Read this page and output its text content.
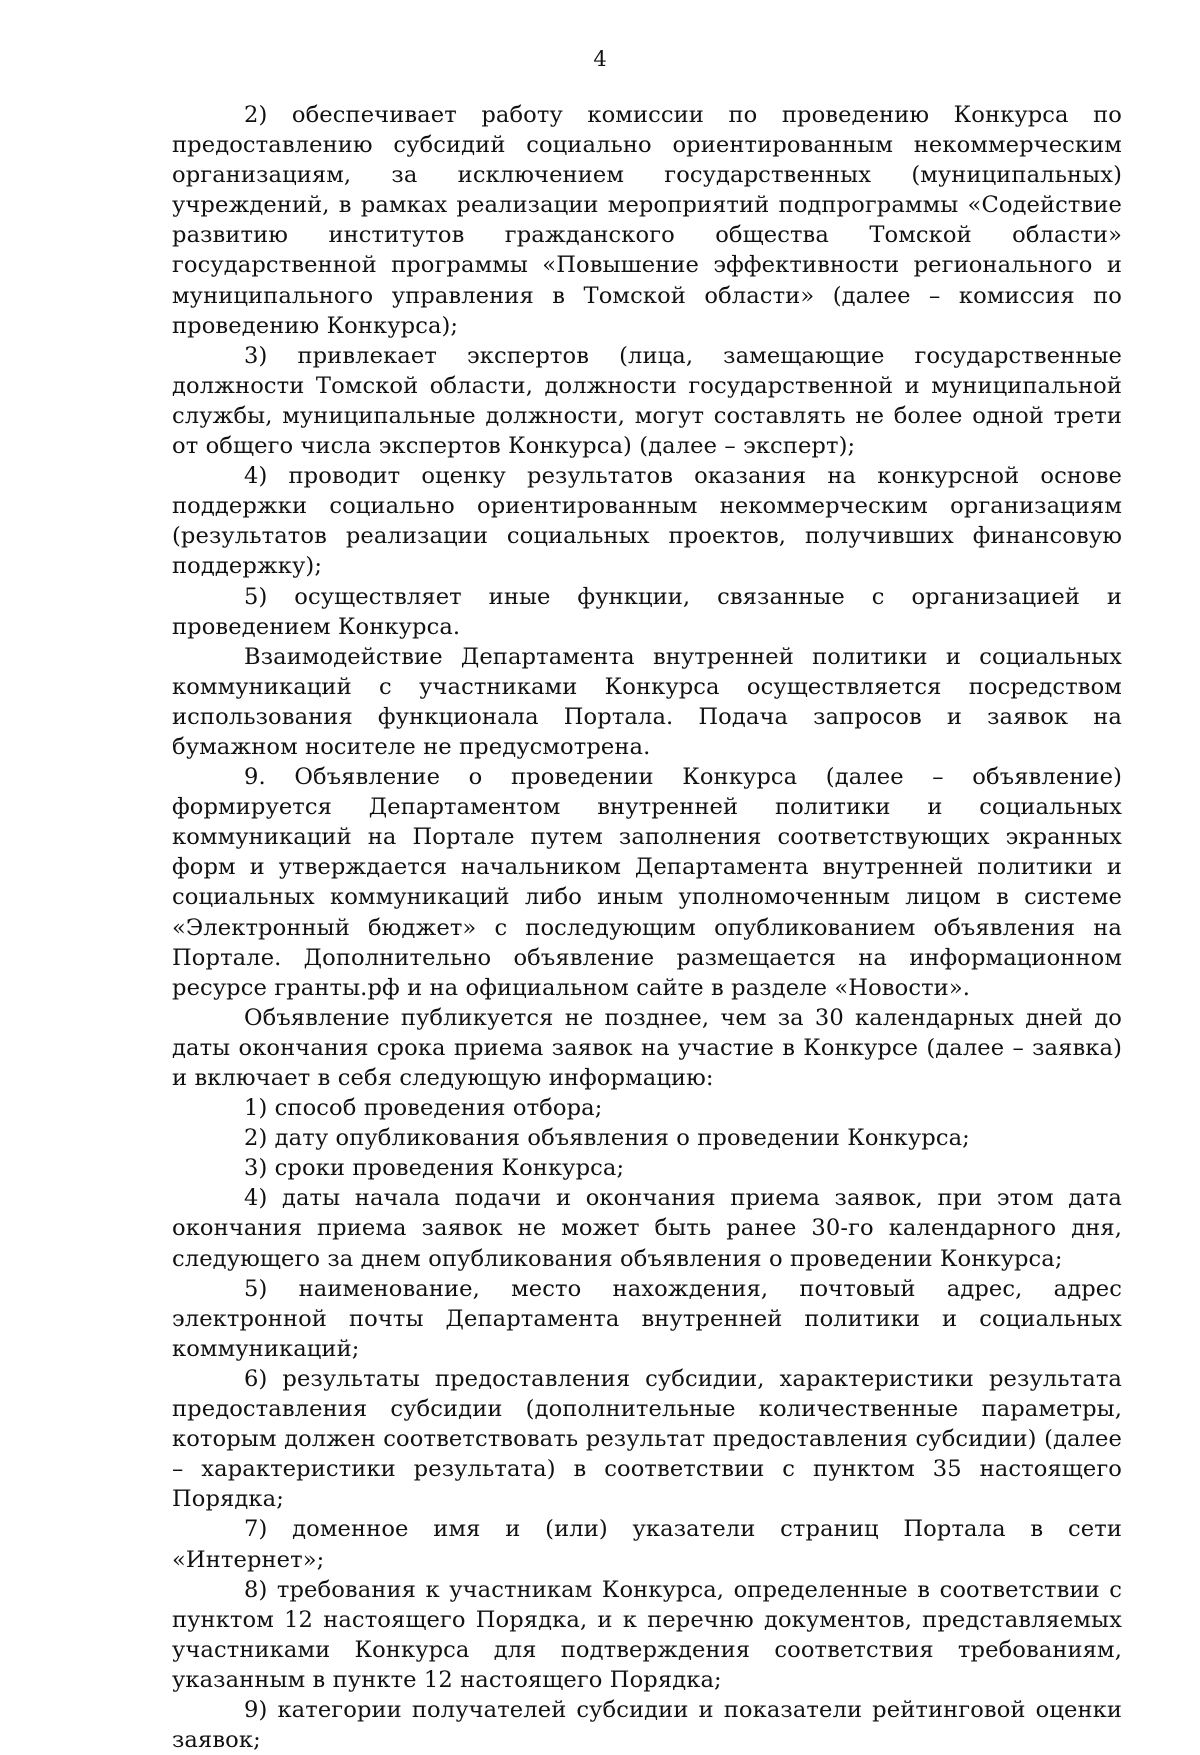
4

2) обеспечивает работу комиссии по проведению Конкурса по предоставлению субсидий социально ориентированным некоммерческим организациям, за исключением государственных (муниципальных) учреждений, в рамках реализации мероприятий подпрограммы «Содействие развитию институтов гражданского общества Томской области» государственной программы «Повышение эффективности регионального и муниципального управления в Томской области» (далее – комиссия по проведению Конкурса);

3) привлекает экспертов (лица, замещающие государственные должности Томской области, должности государственной и муниципальной службы, муниципальные должности, могут составлять не более одной трети от общего числа экспертов Конкурса) (далее – эксперт);

4) проводит оценку результатов оказания на конкурсной основе поддержки социально ориентированным некоммерческим организациям (результатов реализации социальных проектов, получивших финансовую поддержку);

5) осуществляет иные функции, связанные с организацией и проведением Конкурса.

Взаимодействие Департамента внутренней политики и социальных коммуникаций с участниками Конкурса осуществляется посредством использования функционала Портала. Подача запросов и заявок на бумажном носителе не предусмотрена.

9. Объявление о проведении Конкурса (далее – объявление) формируется Департаментом внутренней политики и социальных коммуникаций на Портале путем заполнения соответствующих экранных форм и утверждается начальником Департамента внутренней политики и социальных коммуникаций либо иным уполномоченным лицом в системе «Электронный бюджет» с последующим опубликованием объявления на Портале. Дополнительно объявление размещается на информационном ресурсе гранты.рф и на официальном сайте в разделе «Новости».

Объявление публикуется не позднее, чем за 30 календарных дней до даты окончания срока приема заявок на участие в Конкурсе (далее – заявка) и включает в себя следующую информацию:

1) способ проведения отбора;

2) дату опубликования объявления о проведении Конкурса;

3) сроки проведения Конкурса;

4) даты начала подачи и окончания приема заявок, при этом дата окончания приема заявок не может быть ранее 30-го календарного дня, следующего за днем опубликования объявления о проведении Конкурса;

5) наименование, место нахождения, почтовый адрес, адрес электронной почты Департамента внутренней политики и социальных коммуникаций;

6) результаты предоставления субсидии, характеристики результата предоставления субсидии (дополнительные количественные параметры, которым должен соответствовать результат предоставления субсидии) (далее – характеристики результата) в соответствии с пунктом 35 настоящего Порядка;

7) доменное имя и (или) указатели страниц Портала в сети «Интернет»;

8) требования к участникам Конкурса, определенные в соответствии с пунктом 12 настоящего Порядка, и к перечню документов, представляемых участниками Конкурса для подтверждения соответствия требованиям, указанным в пункте 12 настоящего Порядка;

9) категории получателей субсидии и показатели рейтинговой оценки заявок;
